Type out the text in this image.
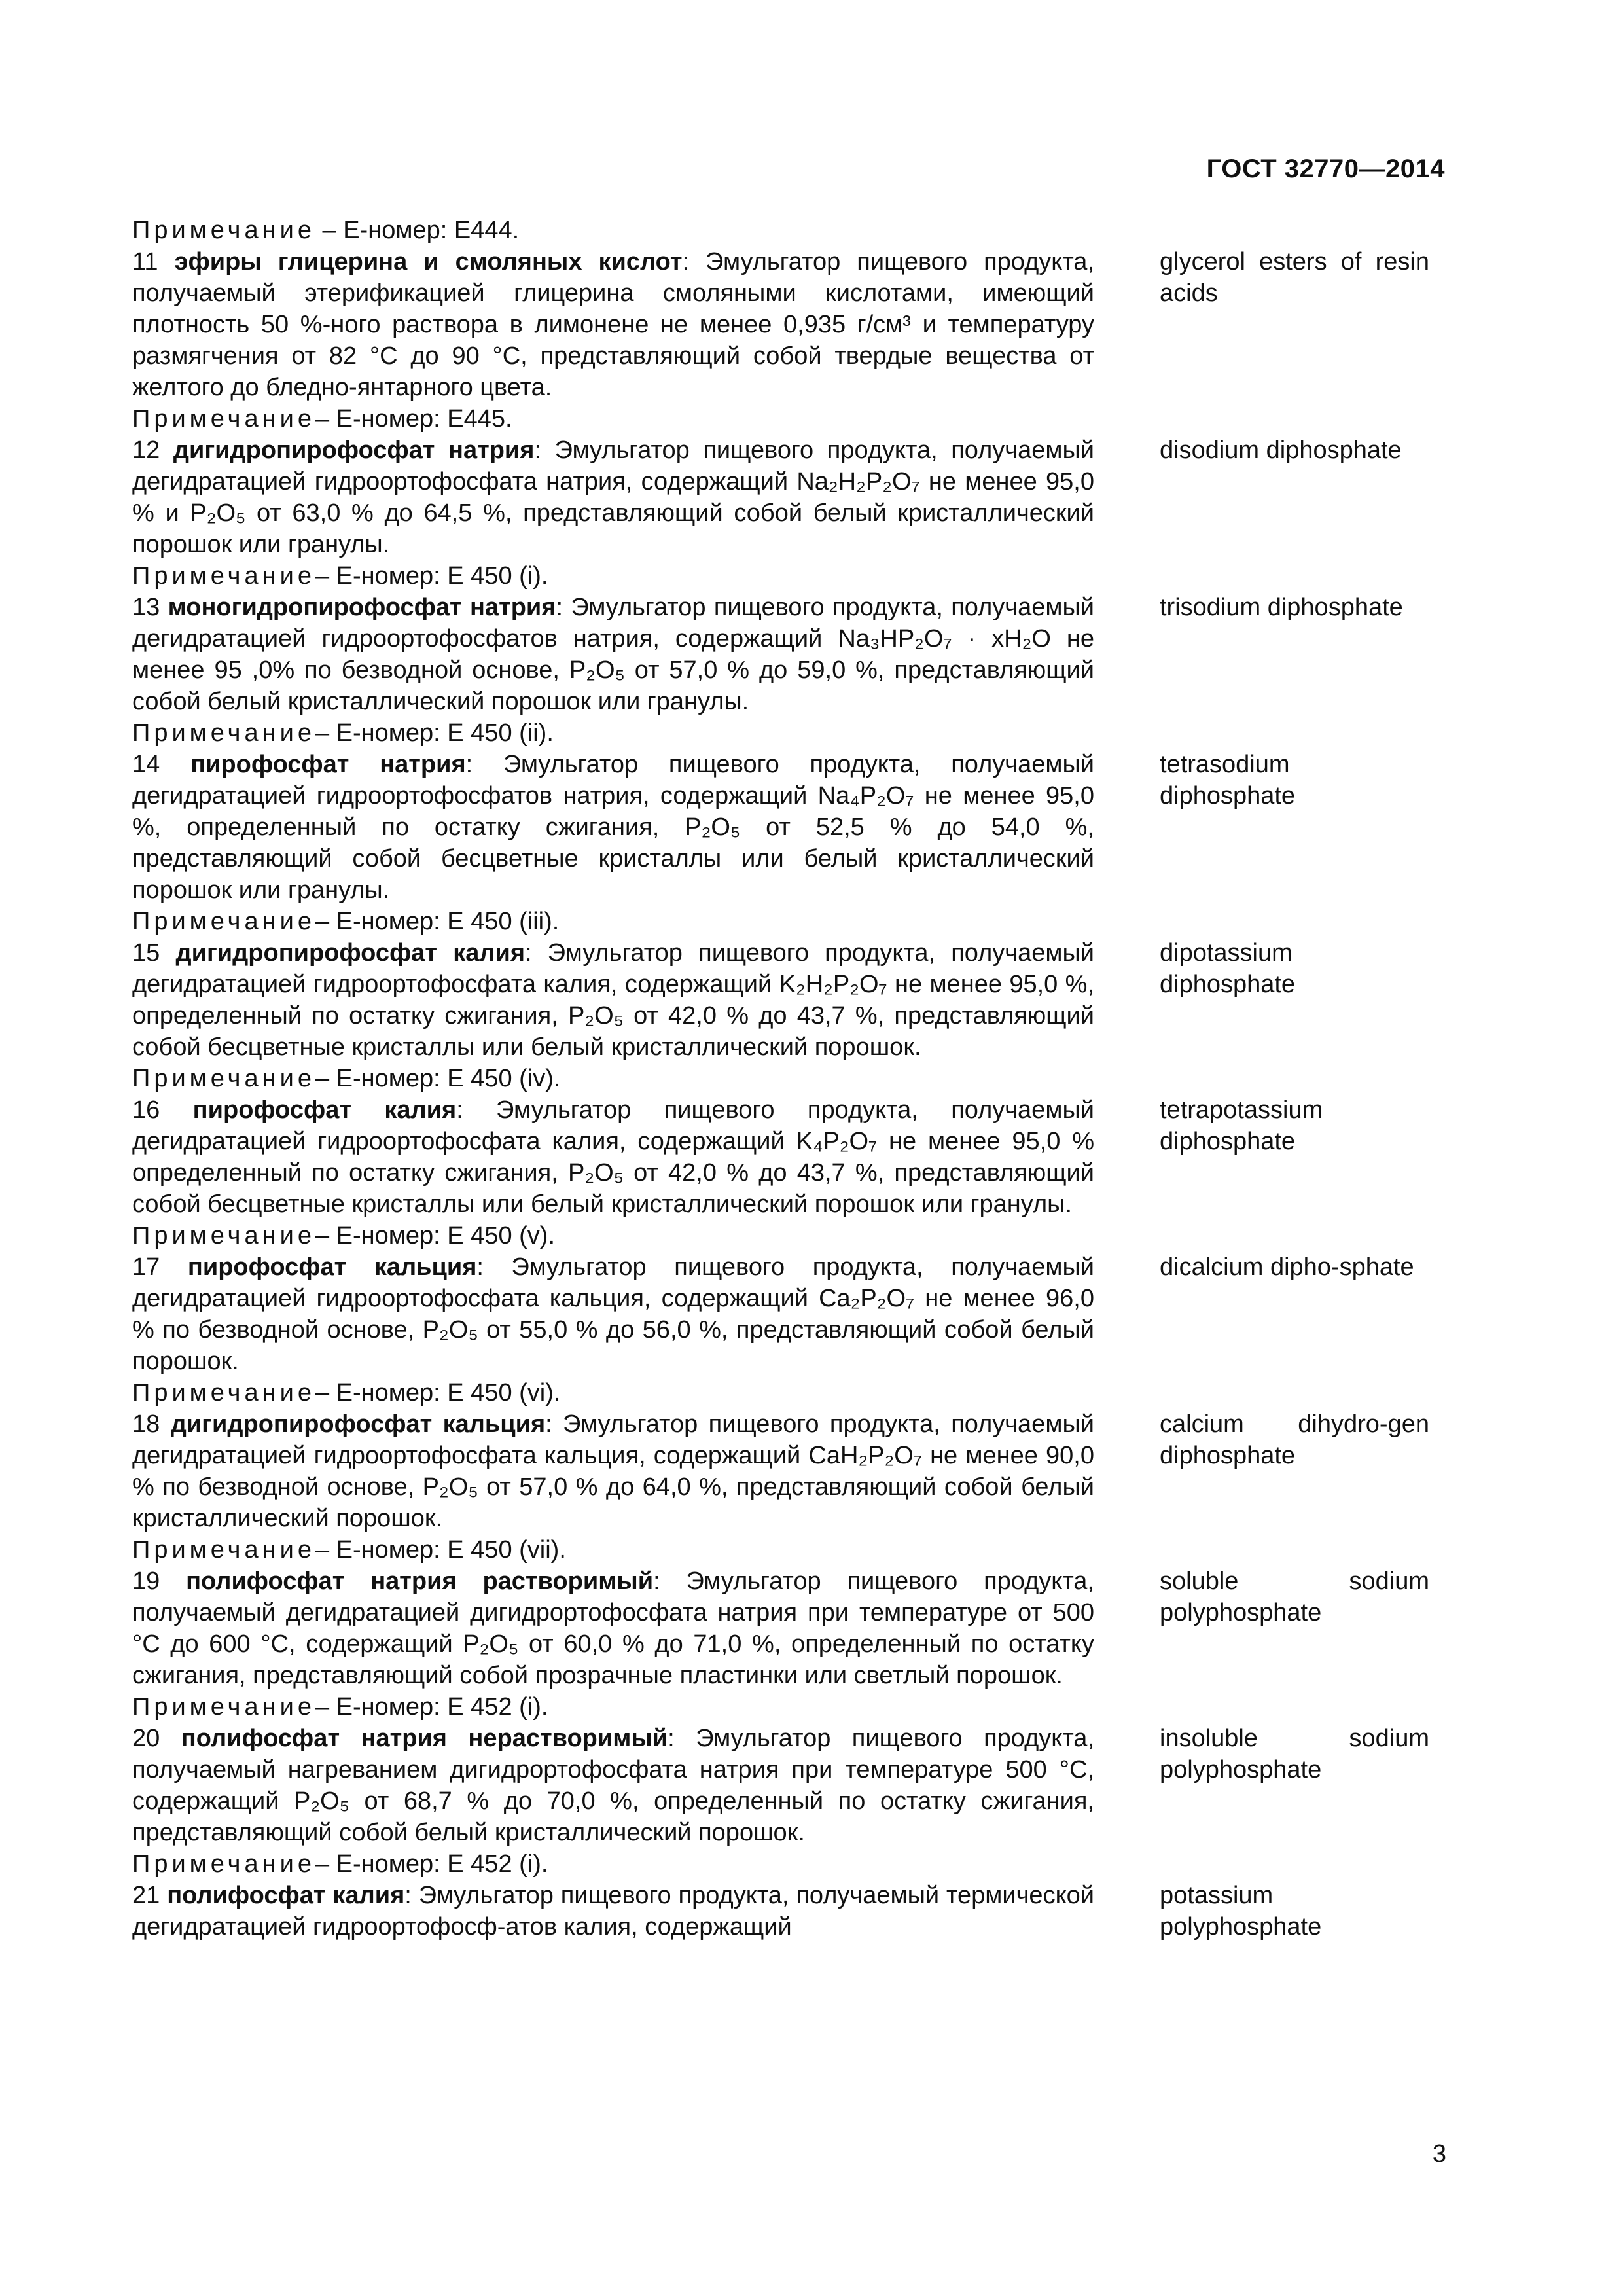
ГОСТ 32770—2014
Примечание – Е-номер: Е444.
11 эфиры глицерина и смоляных кислот: Эмульгатор пищевого продукта, получаемый этерификацией глицерина смоляными кислотами, имеющий плотность 50 %-ного раствора в лимонене не менее 0,935 г/см³ и температуру размягчения от 82 °С до 90 °С, представляющий собой твердые вещества от желтого до бледно-янтарного цвета.
glycerol esters of resin acids
Примечание– Е-номер: Е445.
12 дигидропирофосфат натрия: Эмульгатор пищевого продукта, получаемый дегидратацией гидроортофосфата натрия, содержащий Na₂H₂P₂O₇ не менее 95,0 % и P₂O₅ от 63,0 % до 64,5 %, представляющий собой белый кристаллический порошок или гранулы.
disodium diphosphate
Примечание– Е-номер: Е 450 (i).
13 моногидропирофосфат натрия: Эмульгатор пищевого продукта, получаемый дегидратацией гидроортофосфатов натрия, содержащий Na₃HP₂O₇ · xH₂O не менее 95 ,0% по безводной основе, P₂O₅ от 57,0 % до 59,0 %, представляющий собой белый кристаллический порошок или гранулы.
trisodium diphosphate
Примечание– Е-номер: Е 450 (ii).
14 пирофосфат натрия: Эмульгатор пищевого продукта, получаемый дегидратацией гидроортофосфатов натрия, содержащий Na₄P₂O₇ не менее 95,0 %, определенный по остатку сжигания, P₂O₅ от 52,5 % до 54,0 %, представляющий собой бесцветные кристаллы или белый кристаллический порошок или гранулы.
tetrasodium diphosphate
Примечание– Е-номер: Е 450 (iii).
15 дигидропирофосфат калия: Эмульгатор пищевого продукта, получаемый дегидратацией гидроортофосфата калия, содержащий K₂H₂P₂O₇ не менее 95,0 %, определенный по остатку сжигания, P₂O₅ от 42,0 % до 43,7 %, представляющий собой бесцветные кристаллы или белый кристаллический порошок.
dipotassium diphosphate
Примечание– Е-номер: Е 450 (iv).
16 пирофосфат калия: Эмульгатор пищевого продукта, получаемый дегидратацией гидроортофосфата калия, содержащий K₄P₂O₇ не менее 95,0 % определенный по остатку сжигания, P₂O₅ от 42,0 % до 43,7 %, представляющий собой бесцветные кристаллы или белый кристаллический порошок или гранулы.
tetrapotassium diphosphate
Примечание– Е-номер: Е 450 (v).
17 пирофосфат кальция: Эмульгатор пищевого продукта, получаемый дегидратацией гидроортофосфата кальция, содержащий Ca₂P₂O₇ не менее 96,0 % по безводной основе, P₂O₅ от 55,0 % до 56,0 %, представляющий собой белый порошок.
dicalcium dipho-sphate
Примечание– Е-номер: Е 450 (vi).
18 дигидропирофосфат кальция: Эмульгатор пищевого продукта, получаемый дегидратацией гидроортофосфата кальция, содержащий CaH₂P₂O₇ не менее 90,0 % по безводной основе, P₂O₅ от 57,0 % до 64,0 %, представляющий собой белый кристаллический порошок.
calcium dihydro-gen diphosphate
Примечание– Е-номер: Е 450 (vii).
19 полифосфат натрия растворимый: Эмульгатор пищевого продукта, получаемый дегидратацией дигидрортофосфата натрия при температуре от 500 °С до 600 °С, содержащий P₂O₅ от 60,0 % до 71,0 %, определенный по остатку сжигания, представляющий собой прозрачные пластинки или светлый порошок.
soluble sodium polyphosphate
Примечание– Е-номер: Е 452 (i).
20 полифосфат натрия нерастворимый: Эмульгатор пищевого продукта, получаемый нагреванием дигидрортофосфата натрия при температуре 500 °С, содержащий P₂O₅ от 68,7 % до 70,0 %, определенный по остатку сжигания, представляющий собой белый кристаллический порошок.
insoluble sodium polyphosphate
Примечание– Е-номер: Е 452 (i).
21 полифосфат калия: Эмульгатор пищевого продукта, получаемый термической дегидратацией гидроортофосф-атов калия, содержащий
potassium polyphosphate
3
